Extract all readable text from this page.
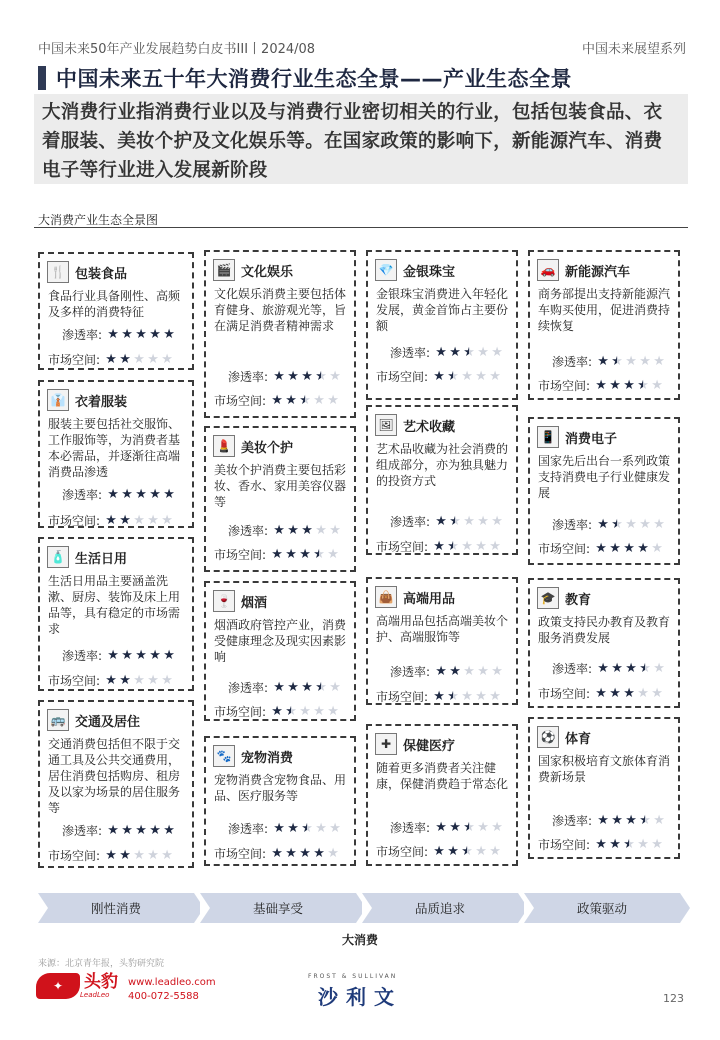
中国未来50年产业发展趋势白皮书III丨2024/08	中国未来展望系列
中国未来五十年大消费行业生态全景——产业生态全景
大消费行业指消费行业以及与消费行业密切相关的行业，包括包装食品、衣着服装、美妆个护及文化娱乐等。在国家政策的影响下，新能源汽车、消费电子等行业进入发展新阶段
大消费产业生态全景图
🍴 包装食品
食品行业具备刚性、高频及多样的消费特征
渗透率: ★ ★ ★ ★ ★
市场空间: ★ ★ ★ ★ ★
👔 衣着服装
服装主要包括社交服饰、工作服饰等，为消费者基本必需品，并逐渐往高端消费品渗透
渗透率: ★ ★ ★ ★ ★
市场空间: ★ ★ ★ ★ ★
🧴 生活日用
生活日用品主要涵盖洗漱、厨房、装饰及床上用品等，具有稳定的市场需求
渗透率: ★ ★ ★ ★ ★
市场空间: ★ ★ ★ ★ ★
🚌 交通及居住
交通消费包括但不限于交通工具及公共交通费用，居住消费包括购房、租房及以家为场景的居住服务等
渗透率: ★ ★ ★ ★ ★
市场空间: ★ ★ ★ ★ ★
🎬 文化娱乐
文化娱乐消费主要包括体育健身、旅游观光等，旨在满足消费者精神需求
渗透率: ★ ★ ★ ★ ★
市场空间: ★ ★ ★ ★ ★
💄 美妆个护
美妆个护消费主要包括彩妆、香水、家用美容仪器等
渗透率: ★ ★ ★ ★ ★
市场空间: ★ ★ ★ ★ ★
🍷 烟酒
烟酒政府管控产业，消费受健康理念及现实因素影响
渗透率: ★ ★ ★ ★ ★
市场空间: ★ ★ ★ ★ ★
🐾 宠物消费
宠物消费含宠物食品、用品、医疗服务等
渗透率: ★ ★ ★ ★ ★
市场空间: ★ ★ ★ ★ ★
💎 金银珠宝
金银珠宝消费进入年轻化发展，黄金首饰占主要份额
渗透率: ★ ★ ★ ★ ★
市场空间: ★ ★ ★ ★ ★
🖼 艺术收藏
艺术品收藏为社会消费的组成部分，亦为独具魅力的投资方式
渗透率: ★ ★ ★ ★ ★
市场空间: ★ ★ ★ ★ ★
👜 高端用品
高端用品包括高端美妆个护、高端服饰等
渗透率: ★ ★ ★ ★ ★
市场空间: ★ ★ ★ ★ ★
✚ 保健医疗
随着更多消费者关注健康，保健消费趋于常态化
渗透率: ★ ★ ★ ★ ★
市场空间: ★ ★ ★ ★ ★
🚗 新能源汽车
商务部提出支持新能源汽车购买使用，促进消费持续恢复
渗透率: ★ ★ ★ ★ ★
市场空间: ★ ★ ★ ★ ★
📱 消费电子
国家先后出台一系列政策支持消费电子行业健康发展
渗透率: ★ ★ ★ ★ ★
市场空间: ★ ★ ★ ★ ★
🎓 教育
政策支持民办教育及教育服务消费发展
渗透率: ★ ★ ★ ★ ★
市场空间: ★ ★ ★ ★ ★
⚽ 体育
国家积极培育文旅体育消费新场景
渗透率: ★ ★ ★ ★ ★
市场空间: ★ ★ ★ ★ ★
刚性消费	基础享受	品质追求	政策驱动
大消费
来源：北京青年报，头豹研究院
✦	头豹
LeadLeo
www.leadleo.com
400-072-5588
FROST & SULLIVAN
沙利文	123
